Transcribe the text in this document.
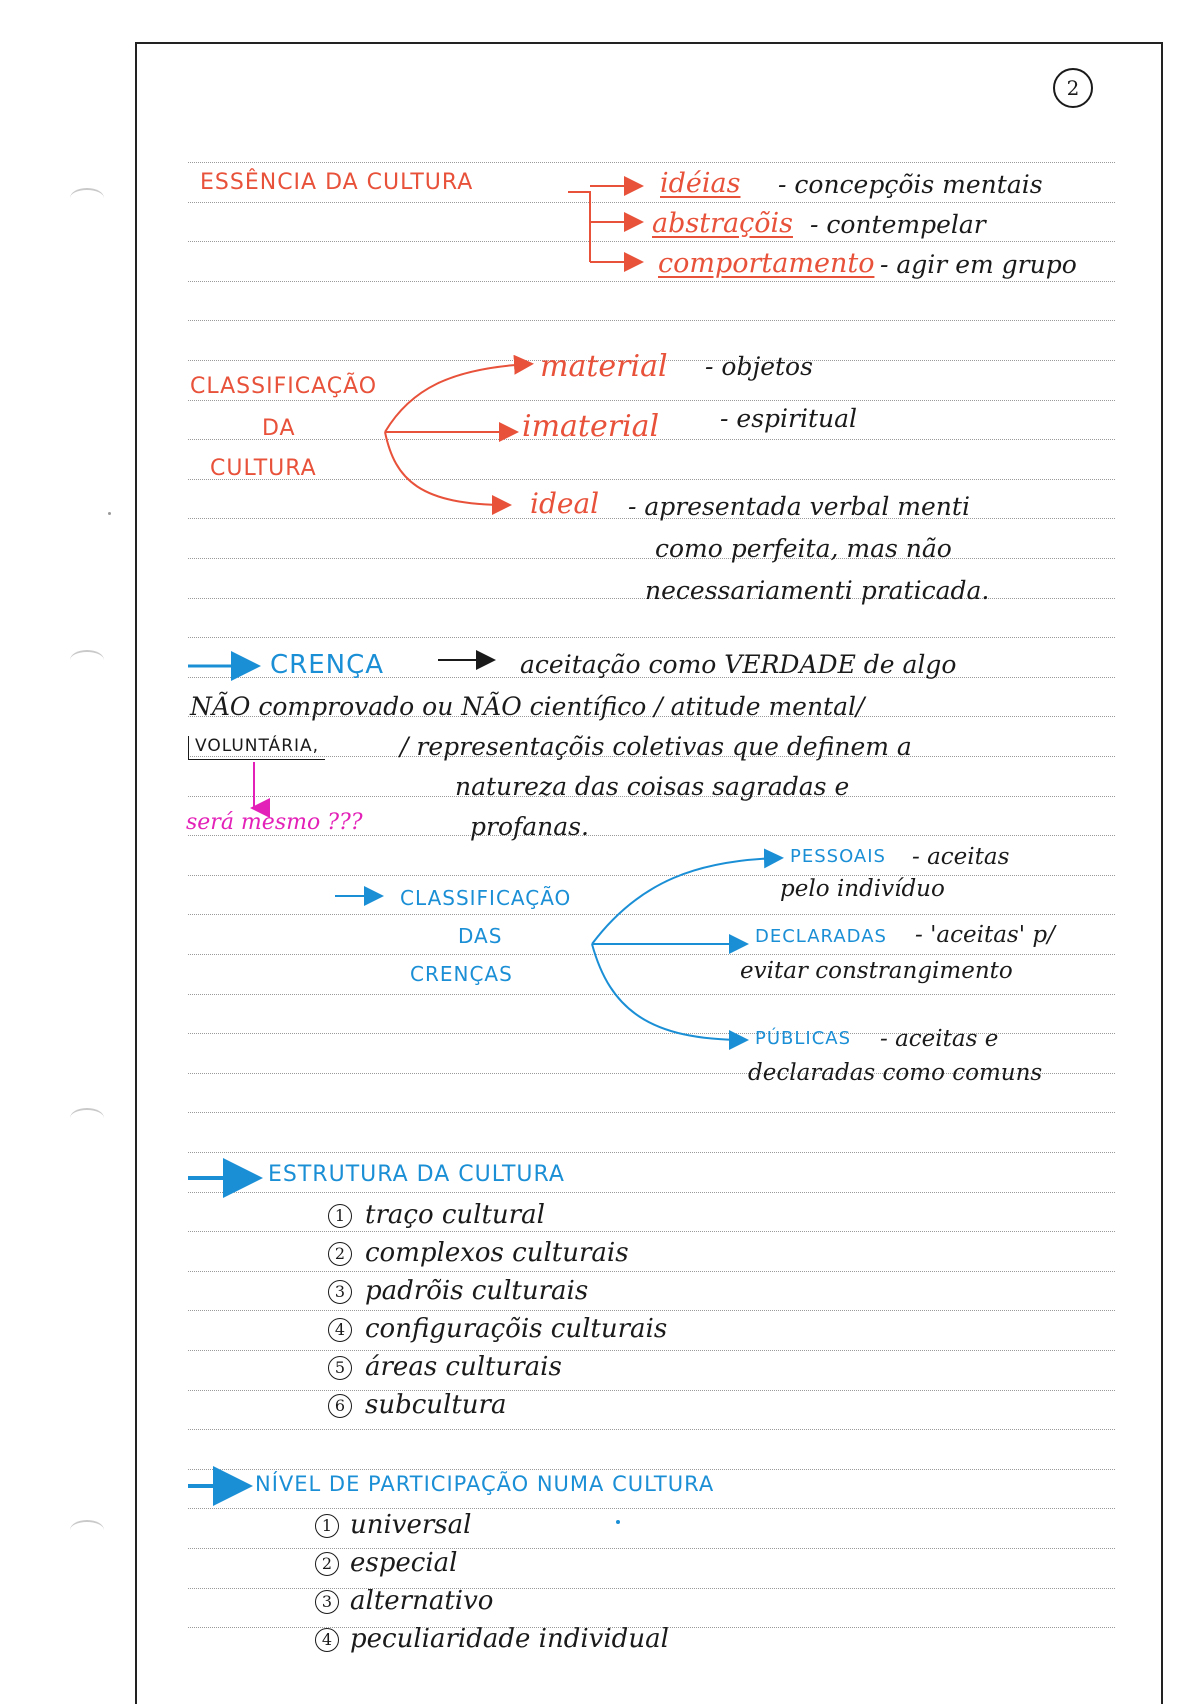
2
ESSÊNCIA DA CULTURA	idéias - concepçõis mentais
abstraçõis - contempelar
comportamento - agir em grupo
CLASSIFICAÇÃO
DA
CULTURA
material - objetos
imaterial - espiritual
ideal - apresentada verbal menti
como perfeita, mas não
necessariamenti praticada.
CRENÇA	aceitação como VERDADE de algo
NÃO comprovado ou NÃO científico / atitude mental/
VOLUNTÁRIA,	/ representaçõis coletivas que definem a
natureza das coisas sagradas e
profanas.
será mesmo ???
CLASSIFICAÇÃO
DAS
CRENÇAS
PESSOAIS - aceitas
pelo indivíduo
DECLARADAS - 'aceitas' p/
evitar constrangimento
PÚBLICAS - aceitas e
declaradas como comuns
ESTRUTURA DA CULTURA
1 traço cultural
2 complexos culturais
3 padrõis culturais
4 configuraçõis culturais
5 áreas culturais
6 subcultura
NÍVEL DE PARTICIPAÇÃO NUMA CULTURA
1 universal
2 especial
3 alternativo
4 peculiaridade individual
